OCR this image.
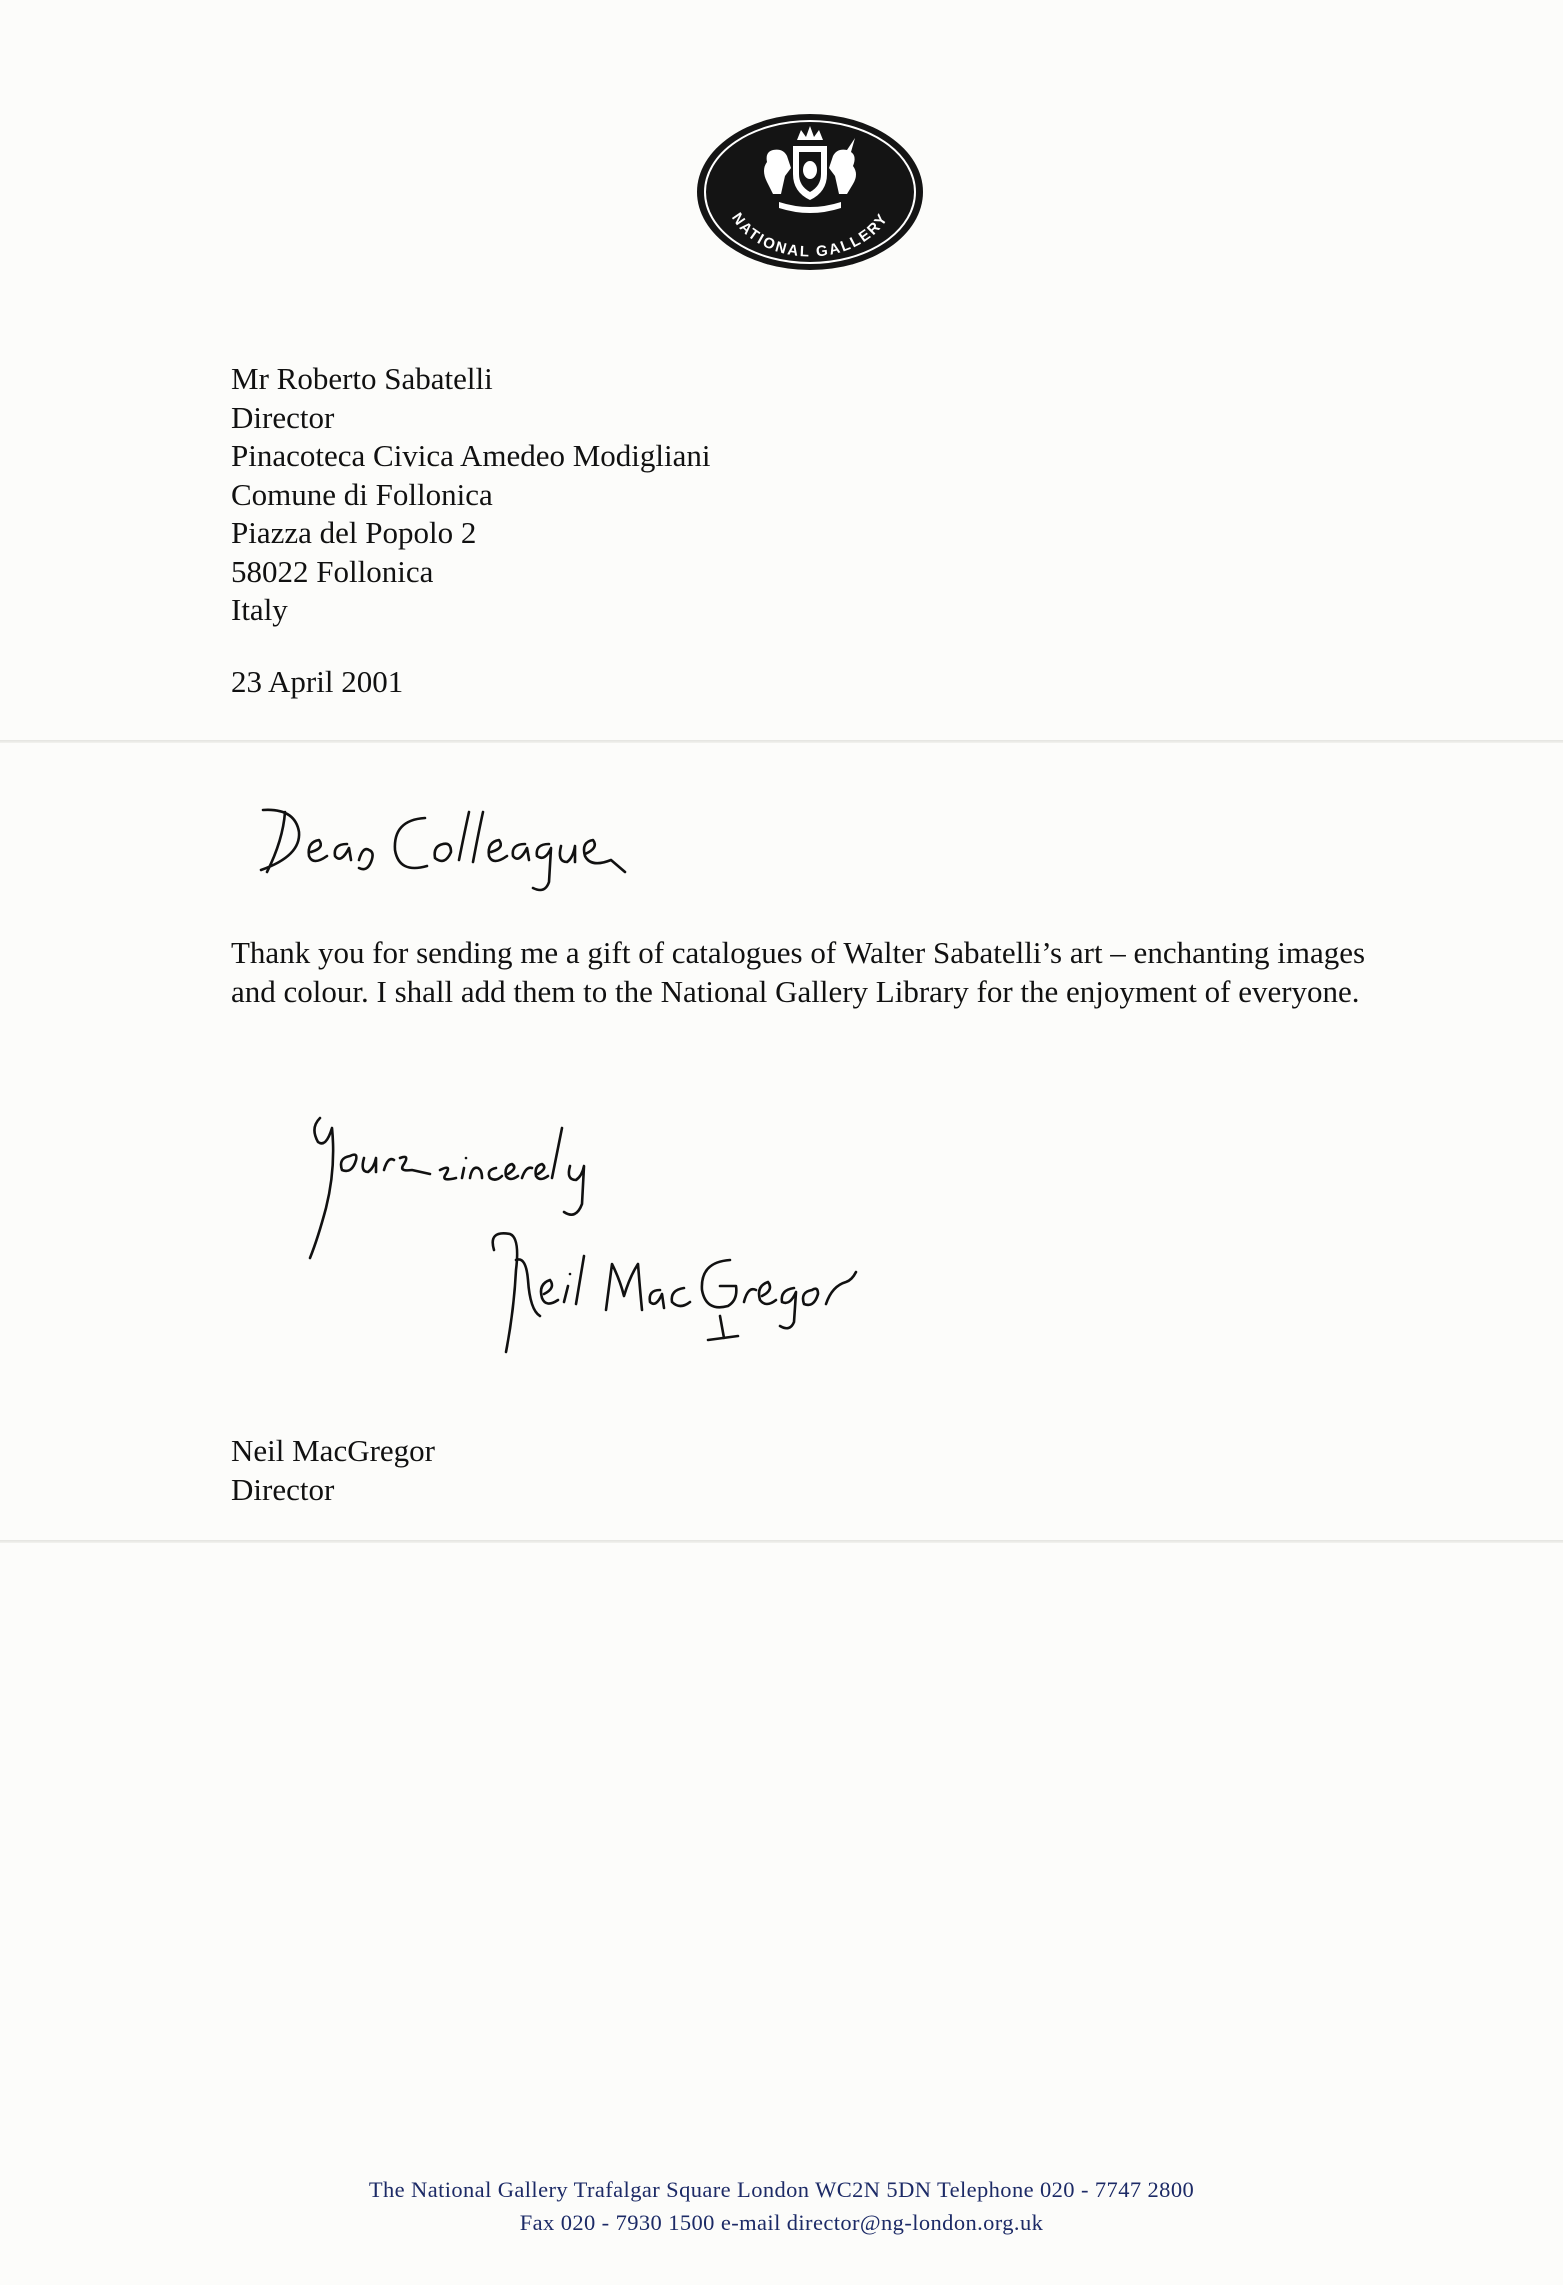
NATIONAL GALLERY
Mr Roberto Sabatelli
Director
Pinacoteca Civica Amedeo Modigliani
Comune di Follonica
Piazza del Popolo 2
58022 Follonica
Italy
23 April 2001
Dear Colleague
Thank you for sending me a gift of catalogues of Walter Sabatelli’s art – enchanting images and colour. I shall add them to the National Gallery Library for the enjoyment of everyone.
Yours sincerely
Neil MacGregor
Neil MacGregor
Director
The National Gallery Trafalgar Square London WC2N 5DN Telephone 020 - 7747 2800
Fax 020 - 7930 1500 e-mail director@ng-london.org.uk
